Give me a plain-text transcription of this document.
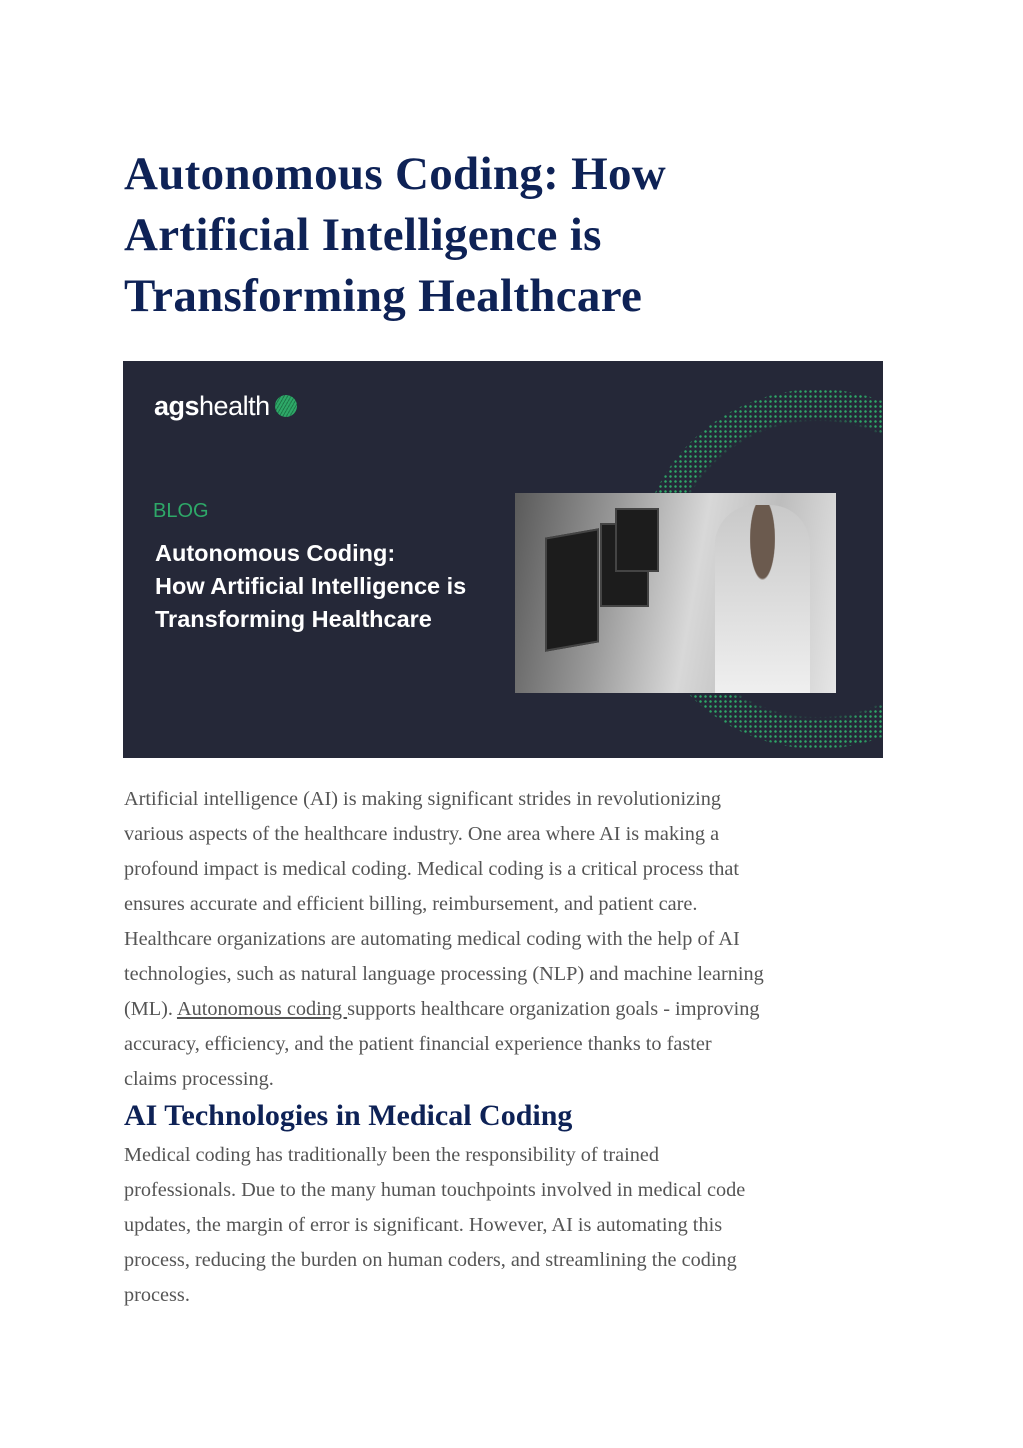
Autonomous Coding: How
Artificial Intelligence is
Transforming Healthcare
agshealth
BLOG
Autonomous Coding:
How Artificial Intelligence is
Transforming Healthcare
Artificial intelligence (AI) is making significant strides in revolutionizing
various aspects of the healthcare industry. One area where AI is making a
profound impact is medical coding. Medical coding is a critical process that
ensures accurate and efficient billing, reimbursement, and patient care.
Healthcare organizations are automating medical coding with the help of AI
technologies, such as natural language processing (NLP) and machine learning
(ML). Autonomous coding supports healthcare organization goals - improving
accuracy, efficiency, and the patient financial experience thanks to faster
claims processing.
AI Technologies in Medical Coding
Medical coding has traditionally been the responsibility of trained
professionals. Due to the many human touchpoints involved in medical code
updates, the margin of error is significant. However, AI is automating this
process, reducing the burden on human coders, and streamlining the coding
process.
